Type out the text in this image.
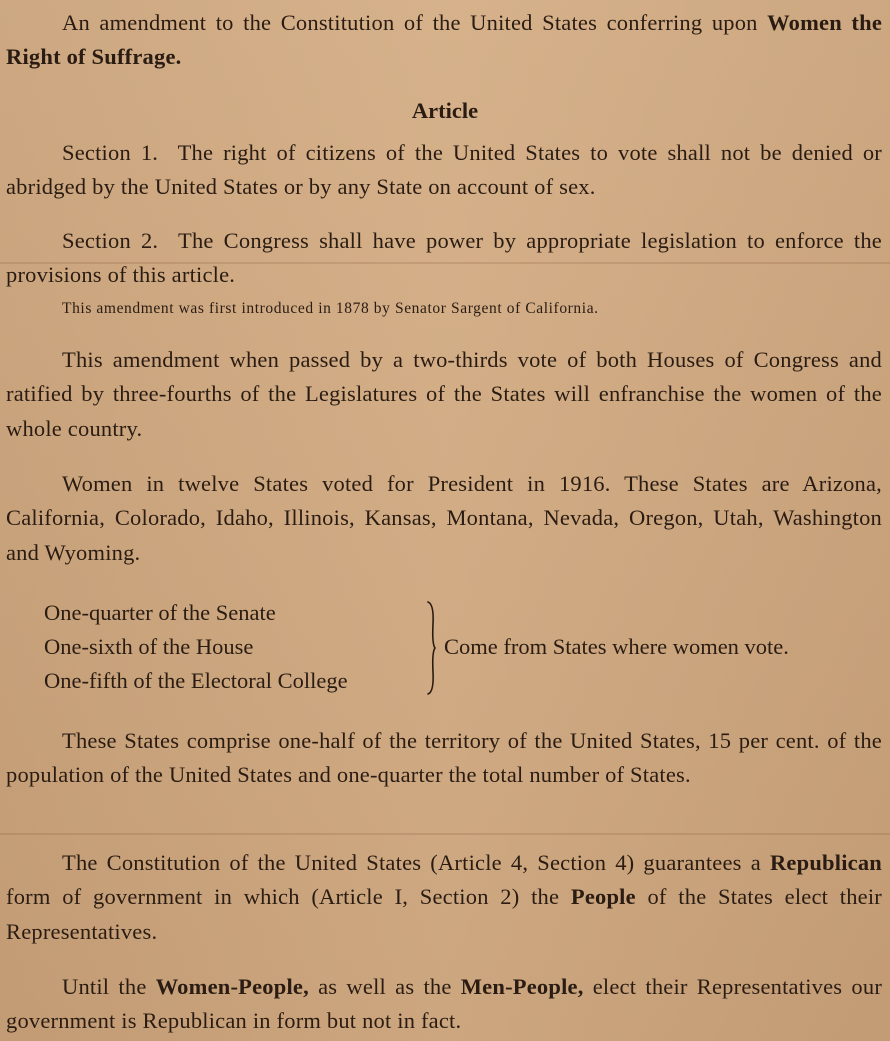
An amendment to the Constitution of the United States conferring upon Women the Right of Suffrage.

Article

Section 1. The right of citizens of the United States to vote shall not be denied or abridged by the United States or by any State on account of sex.

Section 2. The Congress shall have power by appropriate legislation to enforce the provisions of this article.

This amendment was first introduced in 1878 by Senator Sargent of California.

This amendment when passed by a two-thirds vote of both Houses of Congress and ratified by three-fourths of the Legislatures of the States will enfranchise the women of the whole country.

Women in twelve States voted for President in 1916. These States are Arizona, California, Colorado, Idaho, Illinois, Kansas, Montana, Nevada, Oregon, Utah, Washington and Wyoming.

One-quarter of the Senate

One-sixth of the House

One-fifth of the Electoral College

Come from States where women vote.

These States comprise one-half of the territory of the United States, 15 per cent. of the population of the United States and one-quarter the total number of States.

The Constitution of the United States (Article 4, Section 4) guarantees a Republican form of government in which (Article I, Section 2) the People of the States elect their Representatives.

Until the Women-People, as well as the Men-People, elect their Representatives our government is Republican in form but not in fact.
